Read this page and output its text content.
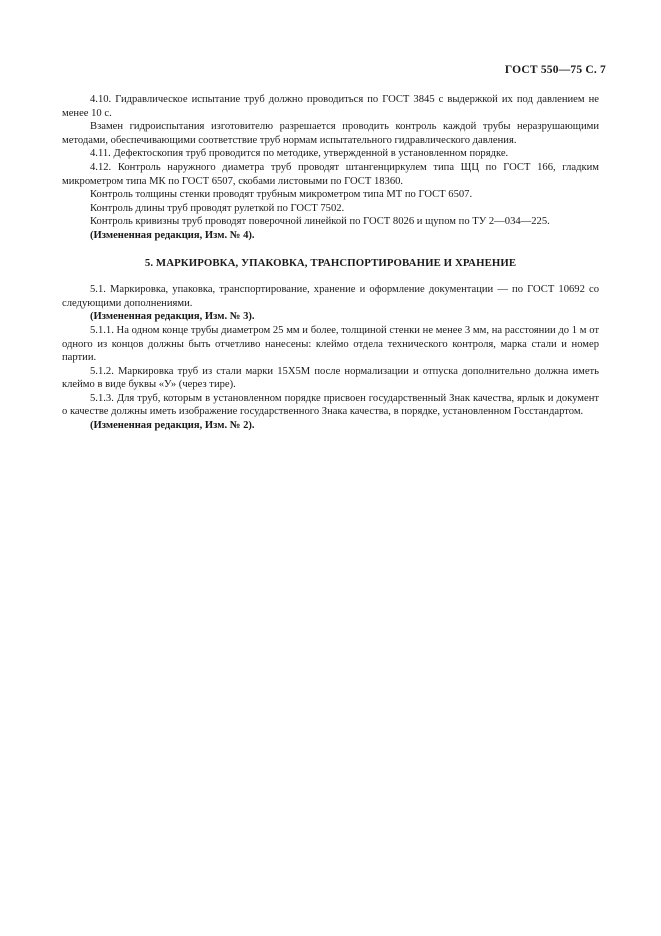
ГОСТ 550—75 С. 7

4.10. Гидравлическое испытание труб должно проводиться по ГОСТ 3845 с выдержкой их под давлением не менее 10 с.

Взамен гидроиспытания изготовителю разрешается проводить контроль каждой трубы неразрушающими методами, обеспечивающими соответствие труб нормам испытательного гидравлического давления.

4.11. Дефектоскопия труб проводится по методике, утвержденной в установленном порядке.

4.12. Контроль наружного диаметра труб проводят штангенциркулем типа ЩЦ по ГОСТ 166, гладким микрометром типа МК по ГОСТ 6507, скобами листовыми по ГОСТ 18360.

Контроль толщины стенки проводят трубным микрометром типа МТ по ГОСТ 6507.

Контроль длины труб проводят рулеткой по ГОСТ 7502.

Контроль кривизны труб проводят поверочной линейкой по ГОСТ 8026 и щупом по ТУ 2—034—225.

(Измененная редакция, Изм. № 4).

5. МАРКИРОВКА, УПАКОВКА, ТРАНСПОРТИРОВАНИЕ И ХРАНЕНИЕ

5.1. Маркировка, упаковка, транспортирование, хранение и оформление документации — по ГОСТ 10692 со следующими дополнениями.

(Измененная редакция, Изм. № 3).

5.1.1. На одном конце трубы диаметром 25 мм и более, толщиной стенки не менее 3 мм, на расстоянии до 1 м от одного из концов должны быть отчетливо нанесены: клеймо отдела технического контроля, марка стали и номер партии.

5.1.2. Маркировка труб из стали марки 15Х5М после нормализации и отпуска дополнительно должна иметь клеймо в виде буквы «У» (через тире).

5.1.3. Для труб, которым в установленном порядке присвоен государственный Знак качества, ярлык и документ о качестве должны иметь изображение государственного Знака качества, в порядке, установленном Госстандартом.

(Измененная редакция, Изм. № 2).
